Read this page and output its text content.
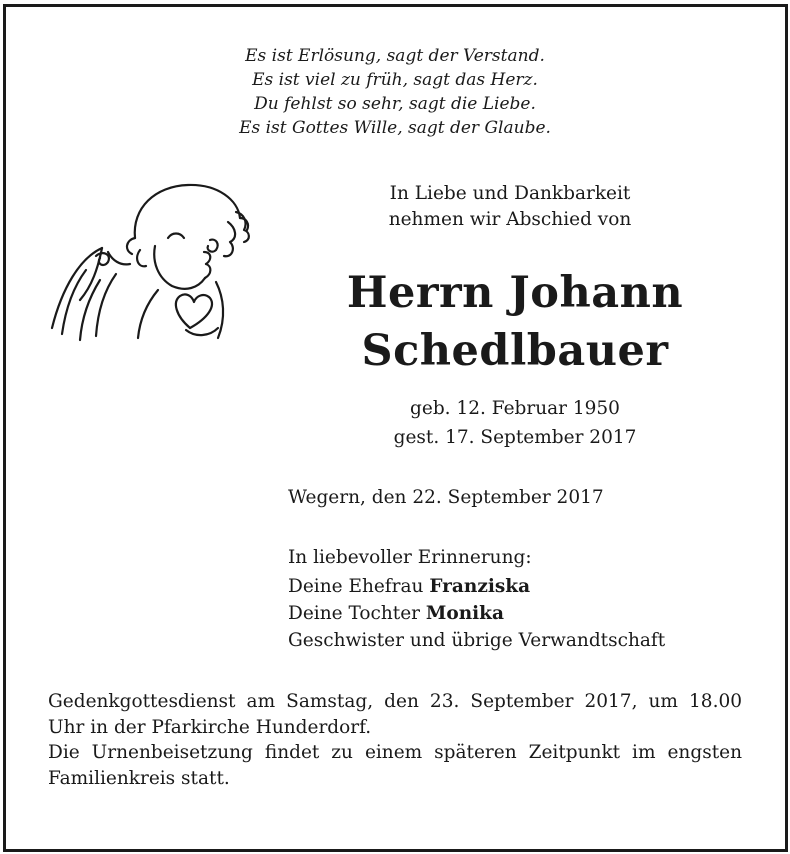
Es ist Erlösung, sagt der Verstand.
Es ist viel zu früh, sagt das Herz.
Du fehlst so sehr, sagt die Liebe.
Es ist Gottes Wille, sagt der Glaube.
In Liebe und Dankbarkeit
nehmen wir Abschied von
Herrn Johann
Schedlbauer
geb. 12. Februar 1950
gest. 17. September 2017
Wegern, den 22. September 2017
In liebevoller Erinnerung:
Deine Ehefrau Franziska
Deine Tochter Monika
Geschwister und übrige Verwandtschaft

Gedenkgottesdienst am Samstag, den 23. September 2017, um 18.00 Uhr in der Pfarkirche Hunderdorf.

Die Urnenbeisetzung findet zu einem späteren Zeitpunkt im engsten Familienkreis statt.
